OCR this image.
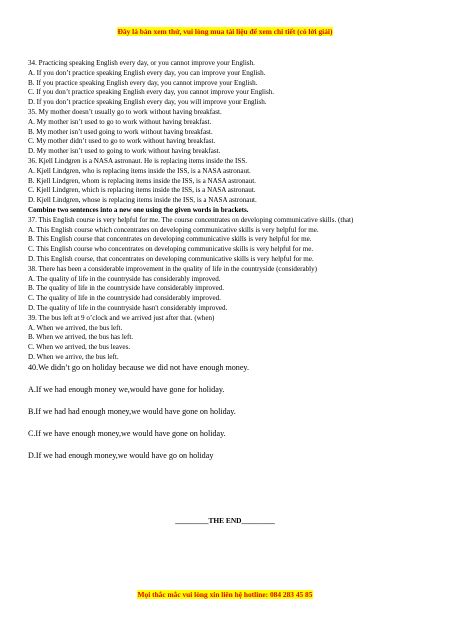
Đây là bản xem thử, vui lòng mua tài liệu để xem chi tiết (có lời giải)
34. Practicing speaking English every day, or you cannot improve your English.
A. If you don’t practice speaking English every day, you can improve your English.
B. If you practice speaking English every day, you cannot improve your English.
C. If you don’t practice speaking English every day, you cannot improve your English.
D. If you don’t practice speaking English every day, you will improve your English.
35. My mother doesn’t usually go to work without having breakfast.
A. My mother isn’t used to go to work without having breakfast.
B. My mother isn’t used going to work without having breakfast.
C. My mother didn’t used to go to work without having breakfast.
D. My mother isn’t used to going to work without having breakfast.
36. Kjell Lindgren is a NASA astronaut. He is replacing items inside the ISS.
A. Kjell Lindgren, who is replacing items inside the ISS, is a NASA astronaut.
B. Kjell Lindgren, whom is replacing items inside the ISS, is a NASA astronaut.
C. Kjell Lindgren, which is replacing items inside the ISS, is a NASA astronaut.
D. Kjell Lindgren, whose is replacing items inside the ISS, is a NASA astronaut.
Combine two sentences into a new one using the given words in brackets.
37. This English course is very helpful for me. The course concentrates on developing communicative skills. (that)
A. This English course which concentrates on developing communicative skills is very helpful for me.
B. This English course that concentrates on developing communicative skills is very helpful for me.
C. This English course who concentrates on developing communicative skills is very helpful for me.
D. This English course, that concentrates on developing communicative skills is very helpful for me.
38. There has been a considerable improvement in the quality of life in the countryside (considerably)
A. The quality of life in the countryside has considerably improved.
B. The quality of life in the countryside have considerably improved.
C. The quality of life in the countryside had considerably improved.
D. The quality of life in the countryside hasn't considerably improved.
39. The bus left at 9 o’clock and we arrived just after that. (when)
A. When we arrived, the bus left.
B. When we arrived, the bus has left.
C. When we arrived, the bus leaves.
D. When we arrive, the bus left.
40.We didn’t go on holiday because we did not have enough money.
A.If we had enough money we,would have gone for holiday.
B.If we had had enough money,we would have gone on holiday.
C.If we have enough money,we would have gone on holiday.
D.If we had enough money,we would have go on holiday
_________THE END_________
Mọi thắc mắc vui lòng xin liên hệ hotline: 084 283 45 85
